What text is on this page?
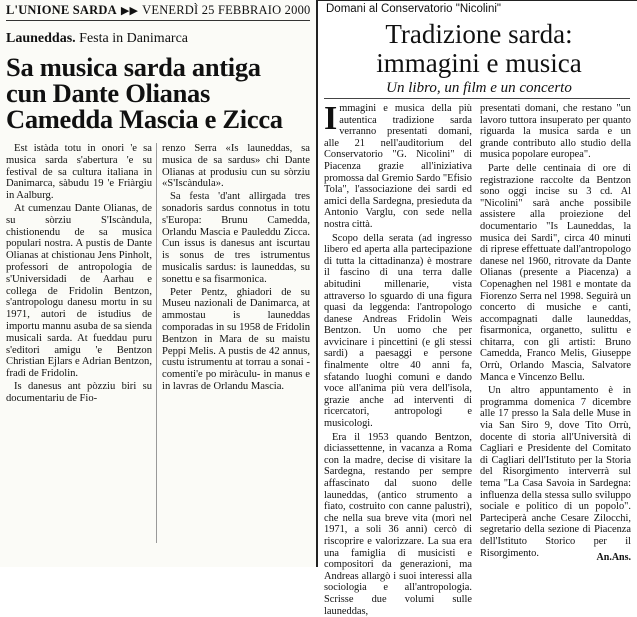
L'UNIONE SARDA ▶▶ VENERDÌ 25 FEBBRAIO 2000
Launeddas. Festa in Danimarca
Sa musica sarda antiga
cun Dante Olianas
Camedda Mascia e Zicca

Est istàda totu in onori 'e sa musica sarda s'abertura 'e su festival de sa cultura italiana in Danimarca, sàbudu 19 'e Friàrgiu in Aalburg.

At cumenzau Dante Olianas, de su sòrziu S'Iscàndula, chistionendu de sa musica populari nostra. A pustis de Dante Olianas at chistionau Jens Pinholt, professori de antropologia de s'Universidadi de Aarhau e collega de Fridolin Bentzon, s'antropologu danesu mortu in su 1971, autori de istudius de importu mannu asuba de sa sienda musicali sarda. At fueddau puru s'editori amigu 'e Bentzon Christian Ejlars e Adrian Bentzon, fradi de Fridolin.

Is danesus ant pòzziu biri su documentariu de Fio-

renzo Serra «Is launeddas, sa musica de sa sardus» chi Dante Olianas at produsiu cun su sòrziu «S'Iscàndula».

Sa festa 'd'ant allirgada tres sonadoris sardus connotus in totu s'Europa: Brunu Camedda, Orlandu Mascia e Pauleddu Zicca. Cun issus is danesus ant iscurtau is sonus de tres istrumentus musicalis sardus: is launeddas, su sonettu e sa fisarmonica.

Peter Pentz, ghiadori de su Museu nazionali de Danimarca, at ammostau is launeddas comporadas in su 1958 de Fridolin Bentzon in Mara de su maistu Peppi Melis. A pustis de 42 annus, custu istrumentu at torrau a sonai - comenti'e po miràculu- in manus e in lavras de Orlandu Mascia.

Domani al Conservatorio "Nicolini"
Tradizione sarda:
immagini e musica
Un libro, un film e un concerto

Immagini e musica della più autentica tradizione sarda verranno presentati domani, alle 21 nell'auditorium del Conservatorio "G. Nicolini" di Piacenza grazie all'iniziativa promossa dal Gremio Sardo "Efisio Tola", l'associazione dei sardi ed amici della Sardegna, presieduta da Antonio Varglu, con sede nella nostra città.

Scopo della serata (ad ingresso libero ed aperta alla partecipazione di tutta la cittadinanza) è mostrare il fascino di una terra dalle abitudini millenarie, vista attraverso lo sguardo di una figura quasi da leggenda: l'antropologo danese Andreas Fridolin Weis Bentzon. Un uomo che per avvicinare i pincettini (e gli stessi sardi) a paesaggi e persone finalmente oltre 40 anni fa, sfatando luoghi comuni e dando voce all'anima più vera dell'isola, grazie anche ad interventi di ricercatori, antropologi e musicologi.

Era il 1953 quando Bentzon, diciassettenne, in vacanza a Roma con la madre, decise di visitare la Sardegna, restando per sempre affascinato dal suono delle launeddas, (antico strumento a fiato, costruito con canne palustri), che nella sua breve vita (morì nel 1971, a soli 36 anni) cercò di riscoprire e valorizzare. La sua era una famiglia di musicisti e compositori da generazioni, ma Andreas allargò i suoi interessi alla sociologia e all'antropologia. Scrisse due volumi sulle launeddas,

presentati domani, che restano "un lavoro tuttora insuperato per quanto riguarda la musica sarda e un grande contributo allo studio della musica popolare europea".

Parte delle centinaia di ore di registrazione raccolte da Bentzon sono oggi incise su 3 cd. Al "Nicolini" sarà anche possibile assistere alla proiezione del documentario "Is Launeddas, la musica dei Sardi", circa 40 minuti di riprese effettuate dall'antropologo danese nel 1960, ritrovate da Dante Olianas (presente a Piacenza) a Copenaghen nel 1981 e montate da Fiorenzo Serra nel 1998. Seguirà un concerto di musiche e canti, accompagnati dalle launeddas, fisarmonica, organetto, sulittu e chitarra, con gli artisti: Bruno Camedda, Franco Melis, Giuseppe Orrù, Orlando Mascia, Salvatore Manca e Vincenzo Bellu.

Un altro appuntamento è in programma domenica 7 dicembre alle 17 presso la Sala delle Muse in via San Siro 9, dove Tito Orrù, docente di storia all'Università di Cagliari e Presidente del Comitato di Cagliari dell'Istituto per la Storia del Risorgimento interverrà sul tema "La Casa Savoia in Sardegna: influenza della stessa sullo sviluppo sociale e politico di un popolo". Parteciperà anche Cesare Zilocchi, segretario della sezione di Piacenza dell'Istituto Storico per il Risorgimento.	An.Ans.
